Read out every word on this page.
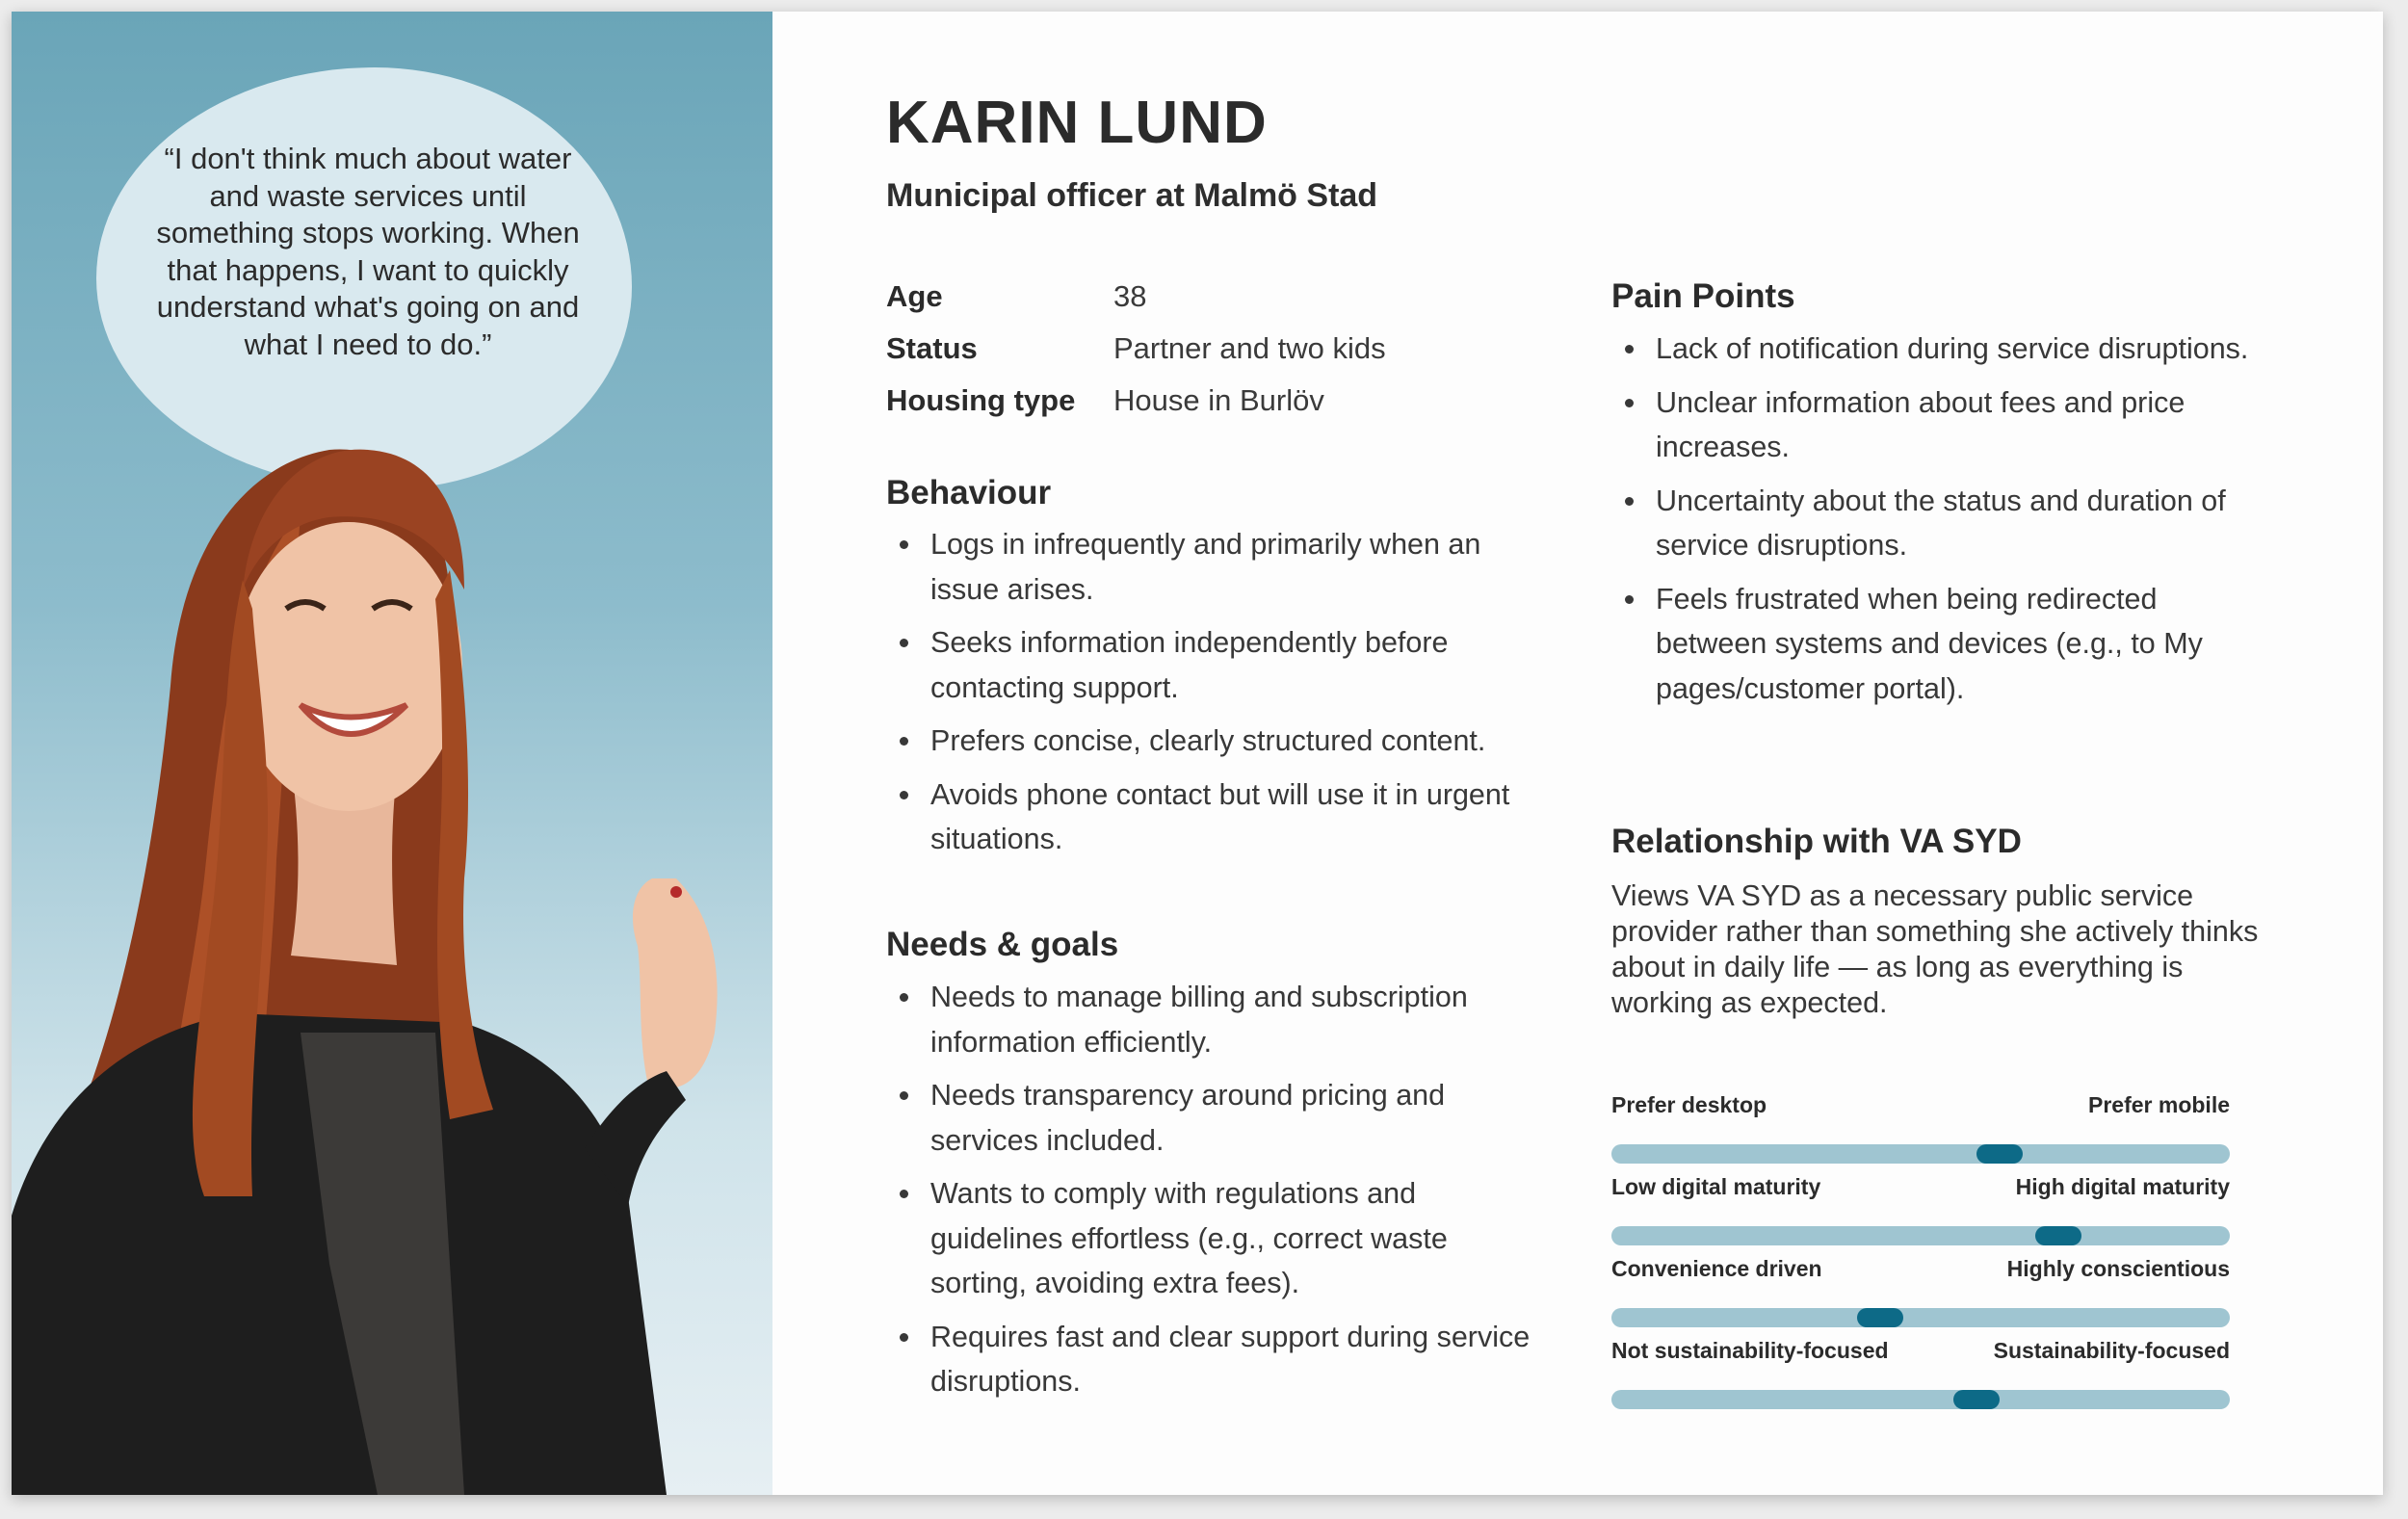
“I don't think much about water and waste services until something stops working. When that happens, I want to quickly understand what's going on and what I need to do.”

KARIN LUND
Municipal officer at Malmö Stad
Age	38
Status	Partner and two kids
Housing type House in Burlöv
Behaviour
Logs in infrequently and primarily when an issue arises.
Seeks information independently before contacting support.
Prefers concise, clearly structured content.
Avoids phone contact but will use it in urgent situations.
Needs & goals
Needs to manage billing and subscription information efficiently.
Needs transparency around pricing and services included.
Wants to comply with regulations and guidelines effortless (e.g., correct waste sorting, avoiding extra fees).
Requires fast and clear support during service disruptions.
Pain Points
Lack of notification during service disruptions.
Unclear information about fees and price increases.
Uncertainty about the status and duration of service disruptions.
Feels frustrated when being redirected between systems and devices (e.g., to My pages/customer portal).
Relationship with VA SYD

Views VA SYD as a necessary public service provider rather than something she actively thinks about in daily life — as long as everything is working as expected.

Prefer desktop	Prefer mobile
Low digital maturity	High digital maturity
Convenience driven	Highly conscientious
Not sustainability-focused	Sustainability-focused
